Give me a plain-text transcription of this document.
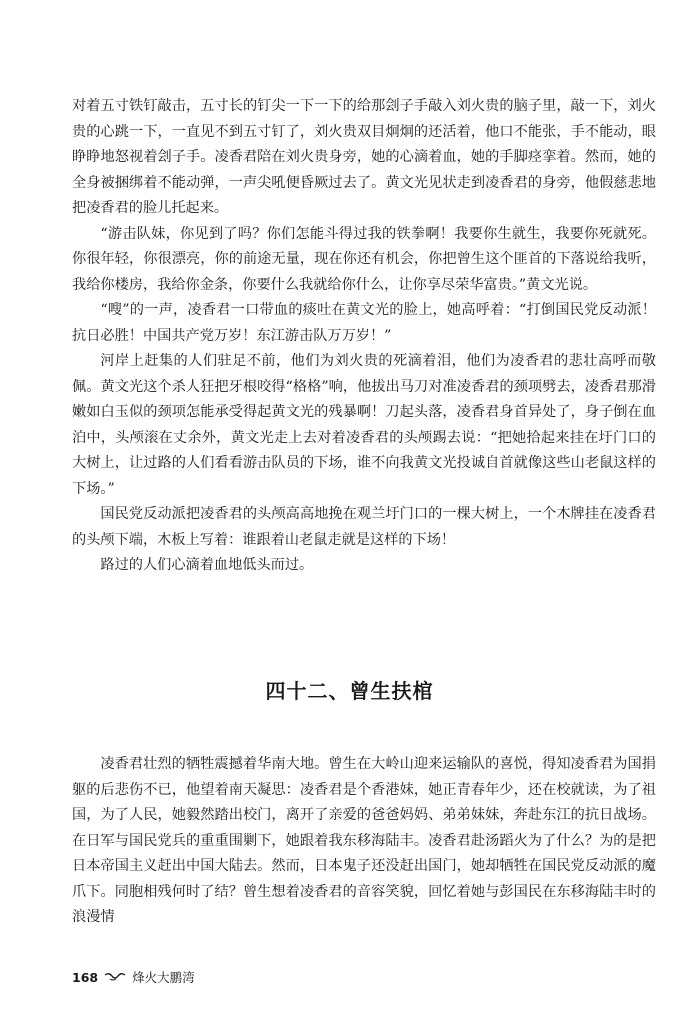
对着五寸铁钉敲击，五寸长的钉尖一下一下的给那刽子手敲入刘火贵的脑子里，敲一下，刘火贵的心跳一下，一直见不到五寸钉了，刘火贵双目炯炯的还活着，他口不能张，手不能动，眼睁睁地怒视着刽子手。凌香君陪在刘火贵身旁，她的心滴着血，她的手脚痉挛着。然而，她的全身被捆绑着不能动弹，一声尖吼便昏厥过去了。黄文光见状走到凌香君的身旁，他假慈悲地把凌香君的脸儿托起来。

“游击队妹，你见到了吗？你们怎能斗得过我的铁拳啊！我要你生就生，我要你死就死。你很年轻，你很漂亮，你的前途无量，现在你还有机会，你把曾生这个匪首的下落说给我听，我给你楼房，我给你金条，你要什么我就给你什么，让你享尽荣华富贵。”黄文光说。

“嗖”的一声，凌香君一口带血的痰吐在黄文光的脸上，她高呼着：“打倒国民党反动派！抗日必胜！中国共产党万岁！东江游击队万万岁！”

河岸上赶集的人们驻足不前，他们为刘火贵的死滴着泪，他们为凌香君的悲壮高呼而敬佩。黄文光这个杀人狂把牙根咬得“格格”响，他拔出马刀对准凌香君的颈项劈去，凌香君那滑嫩如白玉似的颈项怎能承受得起黄文光的残暴啊！刀起头落，凌香君身首异处了，身子倒在血泊中，头颅滚在丈余外，黄文光走上去对着凌香君的头颅踢去说：“把她拾起来挂在圩门口的大树上，让过路的人们看看游击队员的下场，谁不向我黄文光投诚自首就像这些山老鼠这样的下场。”

国民党反动派把凌香君的头颅高高地挽在观兰圩门口的一棵大树上，一个木牌挂在凌香君的头颅下端，木板上写着：谁跟着山老鼠走就是这样的下场！

路过的人们心滴着血地低头而过。

四十二、曾生扶棺

凌香君壮烈的牺牲震撼着华南大地。曾生在大岭山迎来运输队的喜悦，得知凌香君为国捐躯的后悲伤不已，他望着南天凝思：凌香君是个香港妹，她正青春年少，还在校就读，为了祖国，为了人民，她毅然踏出校门，离开了亲爱的爸爸妈妈、弟弟妹妹，奔赴东江的抗日战场。在日军与国民党兵的重重围剿下，她跟着我东移海陆丰。凌香君赴汤蹈火为了什么？为的是把日本帝国主义赶出中国大陆去。然而，日本鬼子还没赶出国门，她却牺牲在国民党反动派的魔爪下。同胞相残何时了结？曾生想着凌香君的音容笑貌，回忆着她与彭国民在东移海陆丰时的浪漫情

168	烽火大鹏湾
